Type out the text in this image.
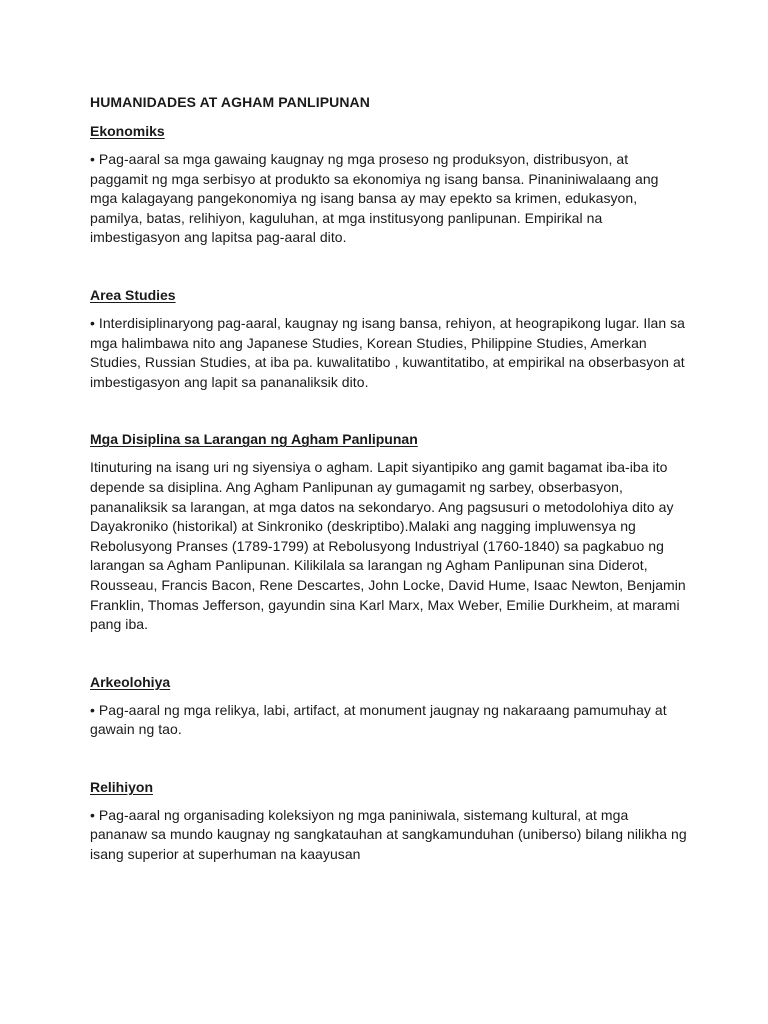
HUMANIDADES AT AGHAM PANLIPUNAN
Ekonomiks

• Pag-aaral sa mga gawaing kaugnay ng mga proseso ng produksyon, distribusyon, at paggamit ng mga serbisyo at produkto sa ekonomiya ng isang bansa. Pinaniniwalaang ang mga kalagayang pangekonomiya ng isang bansa ay may epekto sa krimen, edukasyon, pamilya, batas, relihiyon, kaguluhan, at mga institusyong panlipunan. Empirikal na imbestigasyon ang lapitsa pag-aaral dito.

Area Studies

• Interdisiplinaryong pag-aaral, kaugnay ng isang bansa, rehiyon, at heograpikong lugar. Ilan sa mga halimbawa nito ang Japanese Studies, Korean Studies, Philippine Studies, Amerkan Studies, Russian Studies, at iba pa. kuwalitatibo , kuwantitatibo, at empirikal na obserbasyon at imbestigasyon ang lapit sa pananaliksik dito.

Mga Disiplina sa Larangan ng Agham Panlipunan

Itinuturing na isang uri ng siyensiya o agham. Lapit siyantipiko ang gamit bagamat iba-iba ito depende sa disiplina. Ang Agham Panlipunan ay gumagamit ng sarbey, obserbasyon, pananaliksik sa larangan, at mga datos na sekondaryo. Ang pagsusuri o metodolohiya dito ay Dayakroniko (historikal) at Sinkroniko (deskriptibo).Malaki ang nagging impluwensya ng Rebolusyong Pranses (1789-1799) at Rebolusyong Industriyal (1760-1840) sa pagkabuo ng larangan sa Agham Panlipunan. Kilikilala sa larangan ng Agham Panlipunan sina Diderot, Rousseau, Francis Bacon, Rene Descartes, John Locke, David Hume, Isaac Newton, Benjamin Franklin, Thomas Jefferson, gayundin sina Karl Marx, Max Weber, Emilie Durkheim, at marami pang iba.

Arkeolohiya

• Pag-aaral ng mga relikya, labi, artifact, at monument jaugnay ng nakaraang pamumuhay at gawain ng tao.

Relihiyon

• Pag-aaral ng organisading koleksiyon ng mga paniniwala, sistemang kultural, at mga pananaw sa mundo kaugnay ng sangkatauhan at sangkamunduhan (uniberso) bilang nilikha ng isang superior at superhuman na kaayusan
